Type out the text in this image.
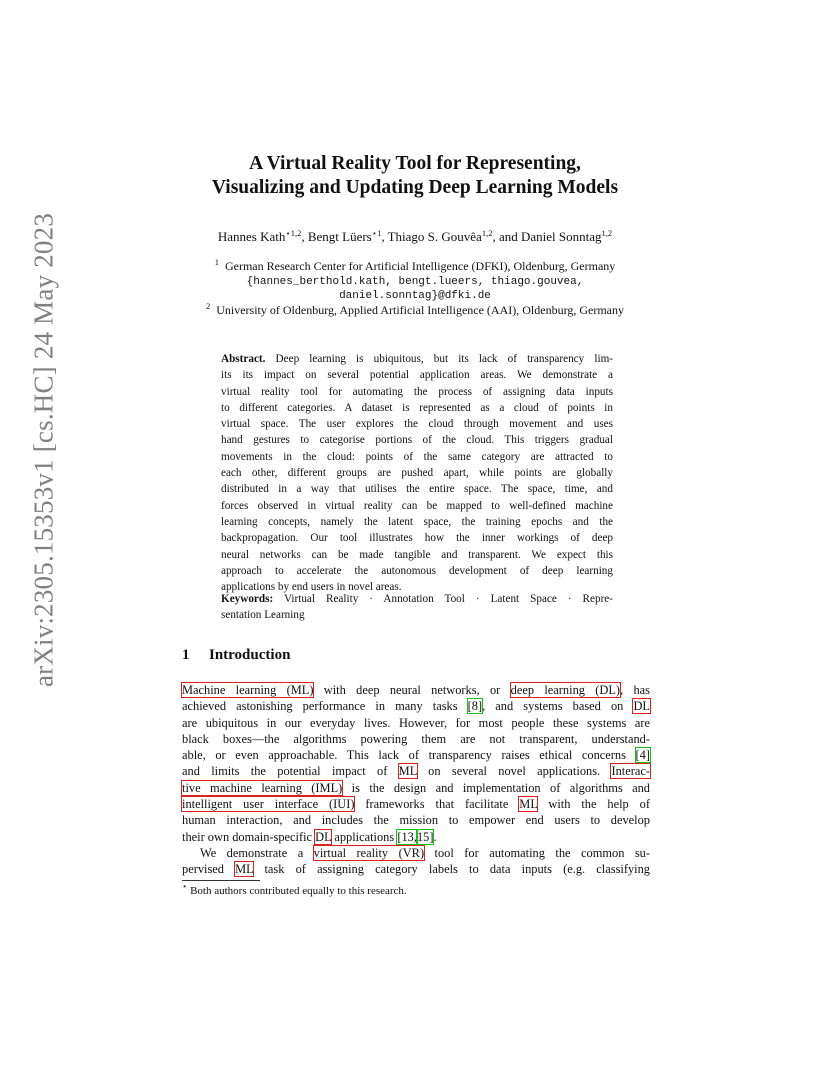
arXiv:2305.15353v1 [cs.HC] 24 May 2023
A Virtual Reality Tool for Representing,
Visualizing and Updating Deep Learning Models
Hannes Kath$^{⋆1,2}$, Bengt Lüers$^{⋆1}$, Thiago S. Gouvêa$^{1,2}$, and Daniel Sonntag$^{1,2}$
$^1$ German Research Center for Artificial Intelligence (DFKI), Oldenburg, Germany
{hannes_berthold.kath, bengt.lueers, thiago.gouvea,
daniel.sonntag}@dfki.de
$^2$ University of Oldenburg, Applied Artificial Intelligence (AAI), Oldenburg, Germany
Abstract. Deep learning is ubiquitous, but its lack of transparency lim-
its its impact on several potential application areas. We demonstrate a
virtual reality tool for automating the process of assigning data inputs
to different categories. A dataset is represented as a cloud of points in
virtual space. The user explores the cloud through movement and uses
hand gestures to categorise portions of the cloud. This triggers gradual
movements in the cloud: points of the same category are attracted to
each other, different groups are pushed apart, while points are globally
distributed in a way that utilises the entire space. The space, time, and
forces observed in virtual reality can be mapped to well-defined machine
learning concepts, namely the latent space, the training epochs and the
backpropagation. Our tool illustrates how the inner workings of deep
neural networks can be made tangible and transparent. We expect this
approach to accelerate the autonomous development of deep learning
applications by end users in novel areas.
Keywords: Virtual Reality · Annotation Tool · Latent Space · Repre-
sentation Learning
1 Introduction
Machine learning (ML) with deep neural networks, or deep learning (DL), has
achieved astonishing performance in many tasks [8], and systems based on DL
are ubiquitous in our everyday lives. However, for most people these systems are
black boxes—the algorithms powering them are not transparent, understand-
able, or even approachable. This lack of transparency raises ethical concerns [4]
and limits the potential impact of ML on several novel applications. Interac-
tive machine learning (IML) is the design and implementation of algorithms and
intelligent user interface (IUI) frameworks that facilitate ML with the help of
human interaction, and includes the mission to empower end users to develop
their own domain-specific DL applications [13,15].
We demonstrate a virtual reality (VR) tool for automating the common su-
pervised ML task of assigning category labels to data inputs (e.g. classifying
⋆ Both authors contributed equally to this research.
